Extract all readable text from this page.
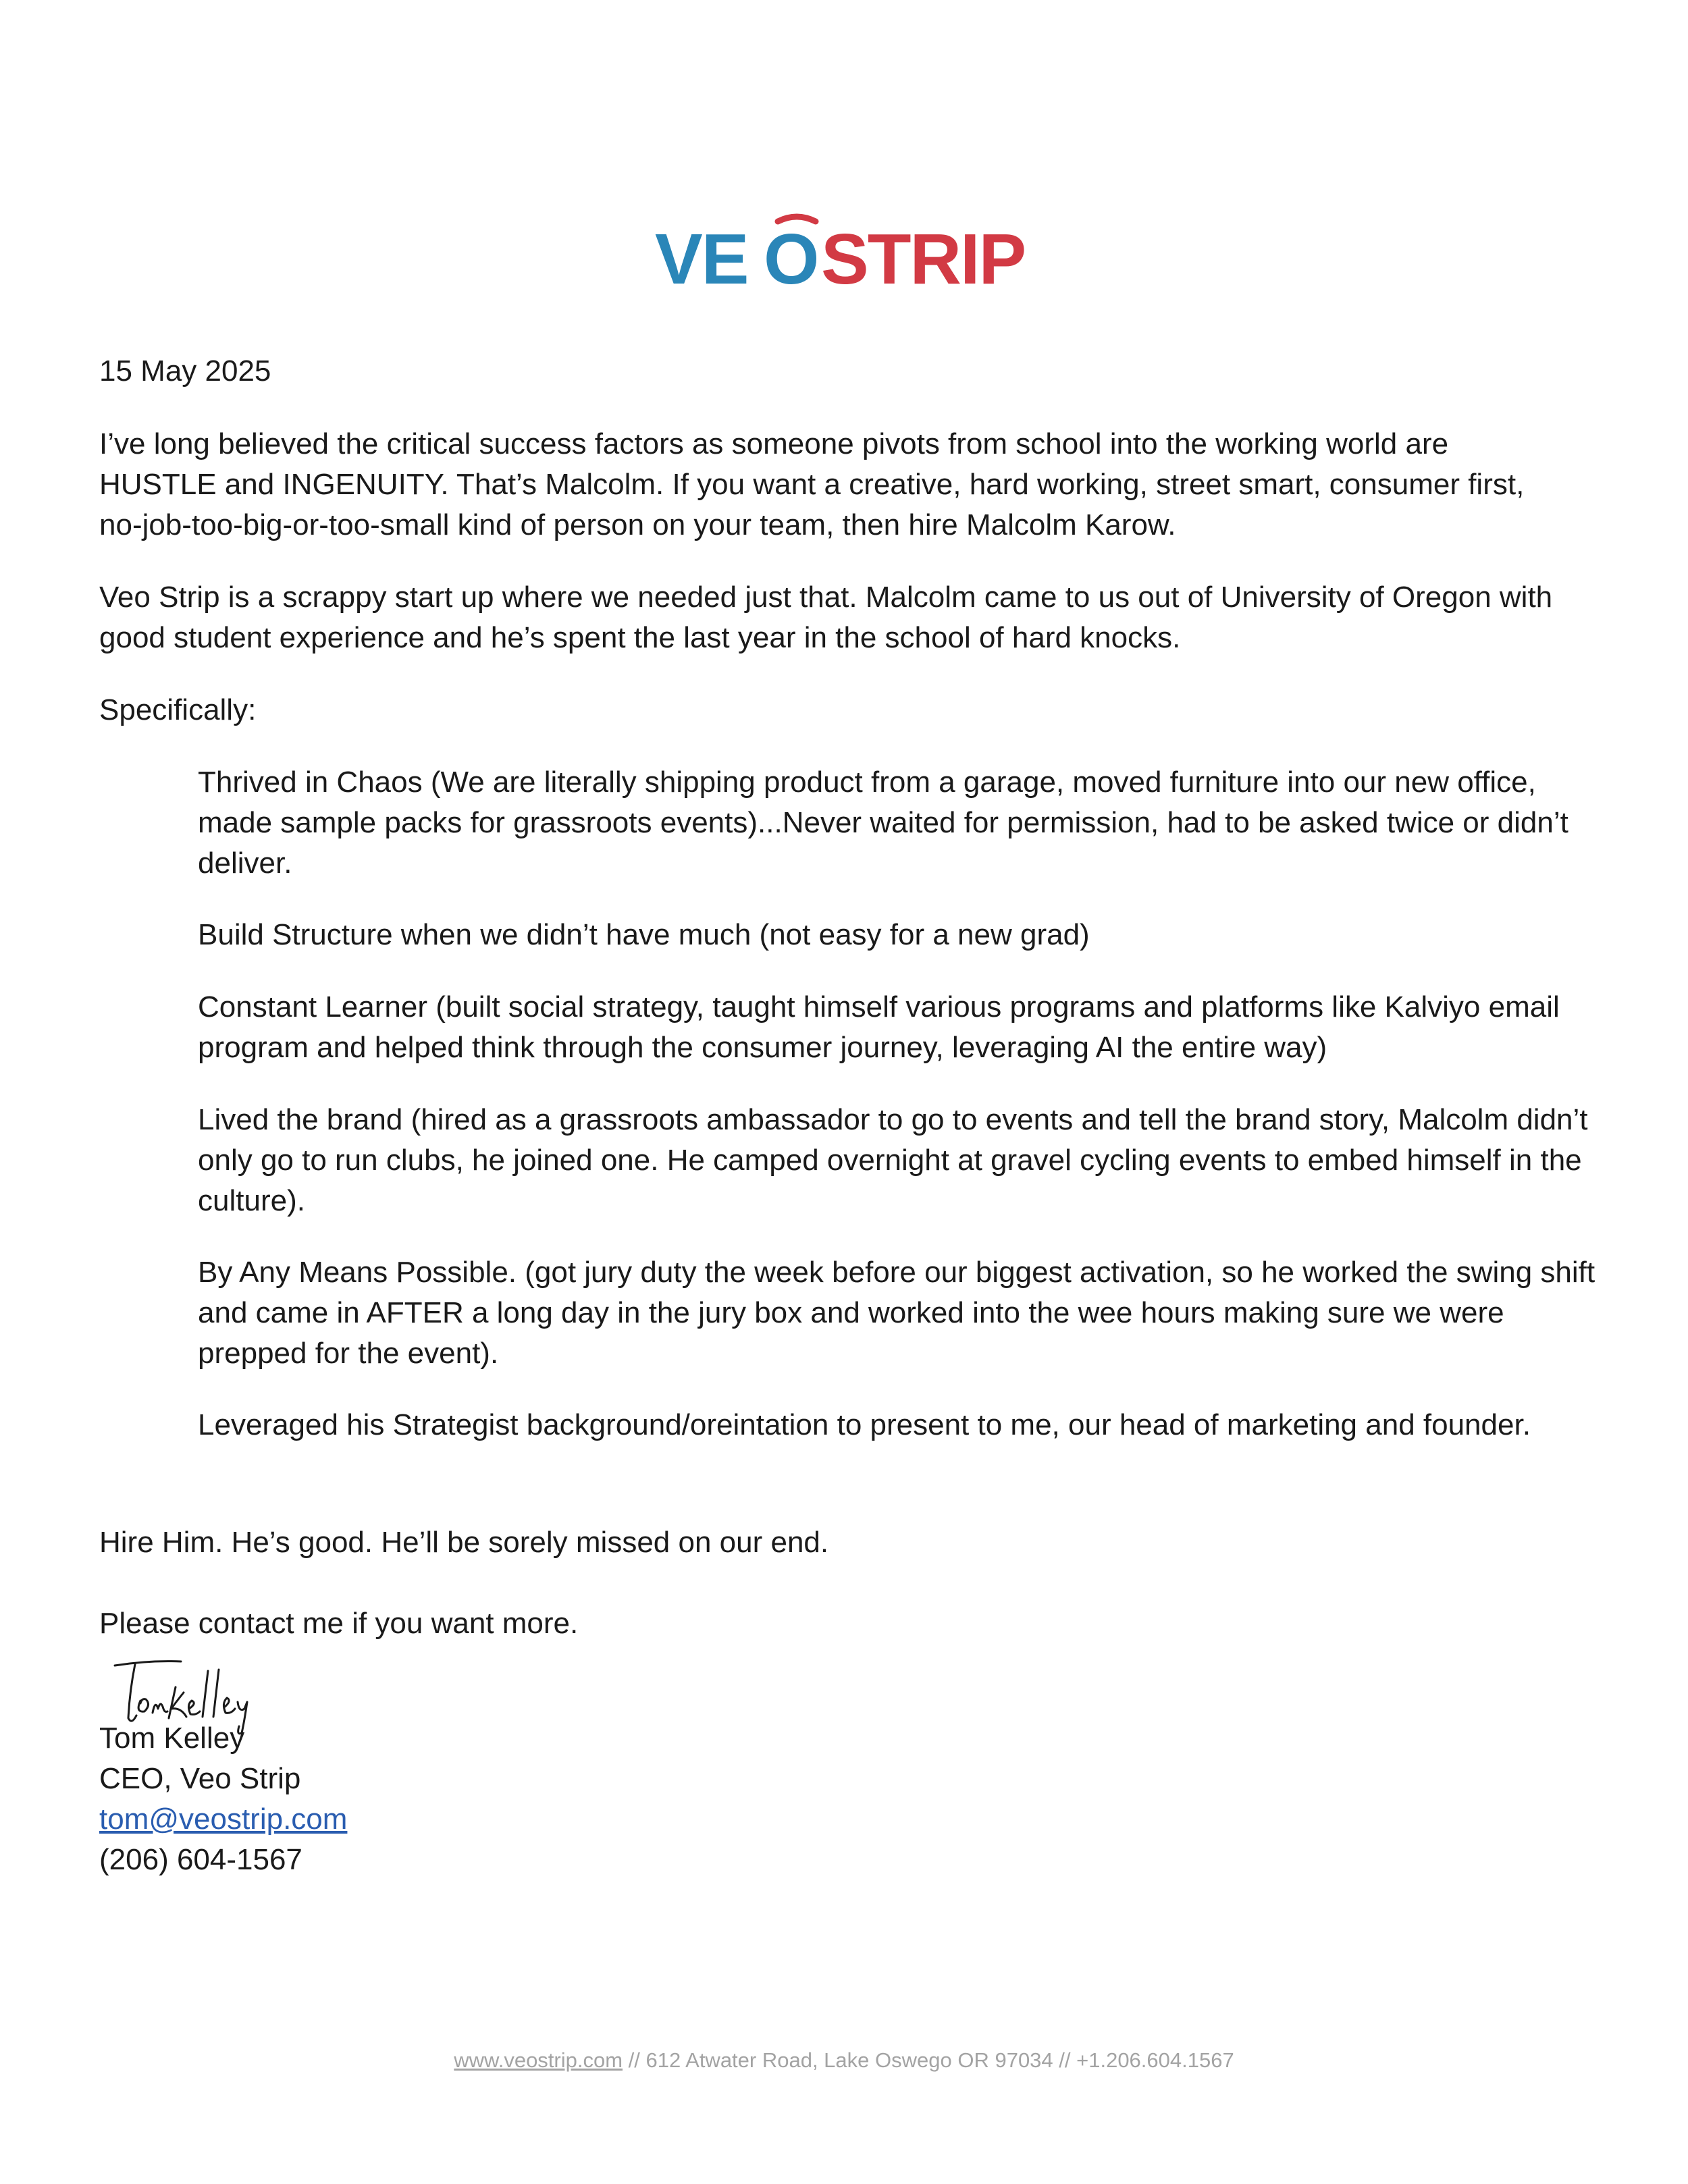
VE O STRIP

15 May 2025

I’ve long believed the critical success factors as someone pivots from school into the working world are HUSTLE and INGENUITY. That’s Malcolm. If you want a creative, hard working, street smart, consumer first, no-job-too-big-or-too-small kind of person on your team, then hire Malcolm Karow.

Veo Strip is a scrappy start up where we needed just that. Malcolm came to us out of University of Oregon with good student experience and he’s spent the last year in the school of hard knocks.

Specifically:

Thrived in Chaos (We are literally shipping product from a garage, moved furniture into our new office, made sample packs for grassroots events)...Never waited for permission, had to be asked twice or didn’t deliver.

Build Structure when we didn’t have much (not easy for a new grad)

Constant Learner (built social strategy, taught himself various programs and platforms like Kalviyo email program and helped think through the consumer journey, leveraging AI the entire way)

Lived the brand (hired as a grassroots ambassador to go to events and tell the brand story, Malcolm didn’t only go to run clubs, he joined one. He camped overnight at gravel cycling events to embed himself in the culture).

By Any Means Possible. (got jury duty the week before our biggest activation, so he worked the swing shift and came in AFTER a long day in the jury box and worked into the wee hours making sure we were prepped for the event).

Leveraged his Strategist background/oreintation to present to me, our head of marketing and founder.

Hire Him. He’s good. He’ll be sorely missed on our end.

Please contact me if you want more.

Tom Kelley

CEO, Veo Strip

tom@veostrip.com

(206) 604-1567

www.veostrip.com // 612 Atwater Road, Lake Oswego OR 97034 // +1.206.604.1567
